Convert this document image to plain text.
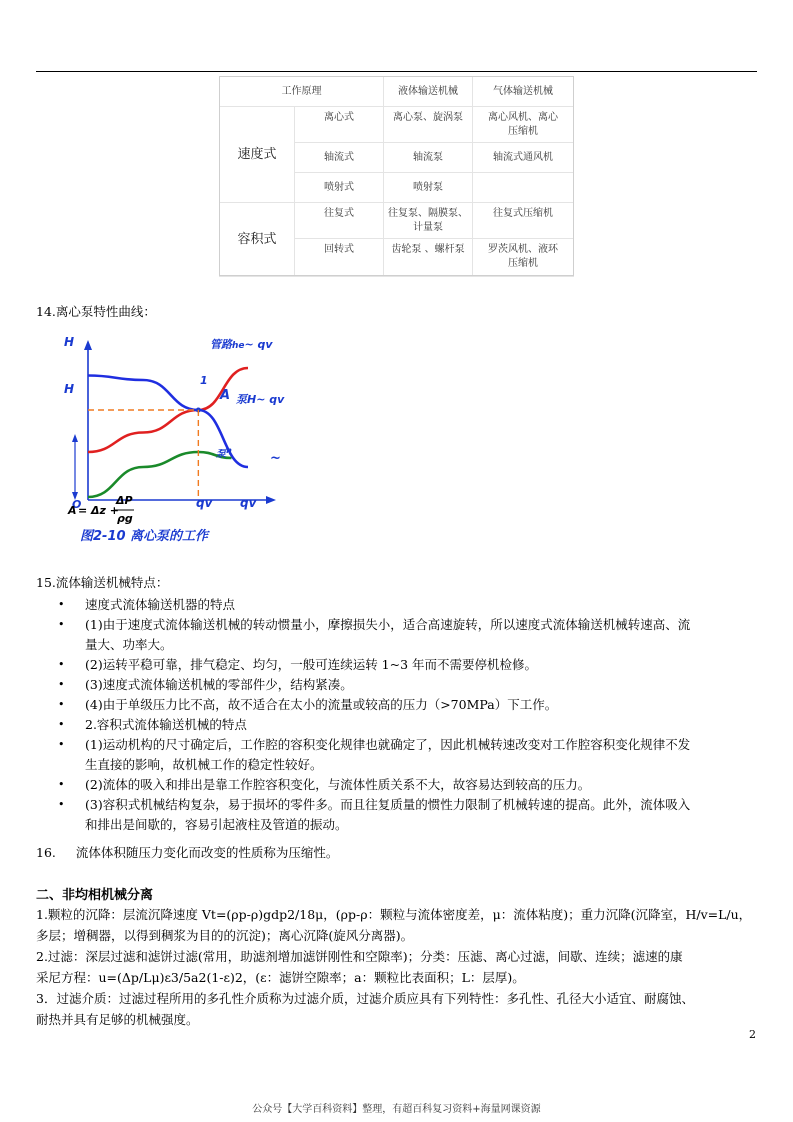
工作原理		液体输送机械	气体输送机械
速度式	离心式	离心泵、旋涡泵	离心风机、离心
压缩机
	轴流式	轴流泵	轴流式通风机
	喷射式	喷射泵	
容积式	往复式	往复泵、隔膜泵、
计量泵	往复式压缩机
	回转式	齿轮泵 、螺杆泵	罗茨风机、液环
压缩机
14.离心泵特性曲线：
H
H
O	qv qv
1
A
管路he~ qv
泵H~ qv
泵$^\eta$
~
A = Δz +
ΔP
ρg
图2-10 离心泵的工作
15.流体输送机械特点：
• 速度式流体输送机器的特点
• (1)由于速度式流体输送机械的转动惯量小，摩擦损失小，适合高速旋转，所以速度式流体输送机械转速高、流
量大、功率大。
• (2)运转平稳可靠，排气稳定、均匀，一般可连续运转 1~3 年而不需要停机检修。
• (3)速度式流体输送机械的零部件少，结构紧凑。
• (4)由于单级压力比不高，故不适合在太小的流量或较高的压力（>70MPa）下工作。
• 2.容积式流体输送机械的特点
• (1)运动机构的尺寸确定后，工作腔的容积变化规律也就确定了，因此机械转速改变对工作腔容积变化规律不发
生直接的影响，故机械工作的稳定性较好。
• (2)流体的吸入和排出是靠工作腔容积变化，与流体性质关系不大，故容易达到较高的压力。
• (3)容积式机械结构复杂，易于损坏的零件多。而且往复质量的惯性力限制了机械转速的提高。此外，流体吸入
和排出是间歇的，容易引起液柱及管道的振动。
16. 流体体积随压力变化而改变的性质称为压缩性。
二、非均相机械分离
1.颗粒的沉降：层流沉降速度 Vt=(ρp-ρ)gdp2/18μ，(ρp-ρ：颗粒与流体密度差，μ：流体粘度)；重力沉降(沉降室，H/v=L/u，
多层；增稠器，以得到稠浆为目的的沉淀)；离心沉降(旋风分离器)。
2.过滤：深层过滤和滤饼过滤(常用，助滤剂增加滤饼刚性和空隙率)；分类：压滤、离心过滤，间歇、连续；滤速的康
采尼方程：u=(Δp/Lμ)ε3/5a2(1-ε)2，(ε：滤饼空隙率；a：颗粒比表面积；L：层厚)。
3．过滤介质：过滤过程所用的多孔性介质称为过滤介质，过滤介质应具有下列特性：多孔性、孔径大小适宜、耐腐蚀、
耐热并具有足够的机械强度。
2
公众号【大学百科资料】整理，有超百科复习资料+海量网课资源
